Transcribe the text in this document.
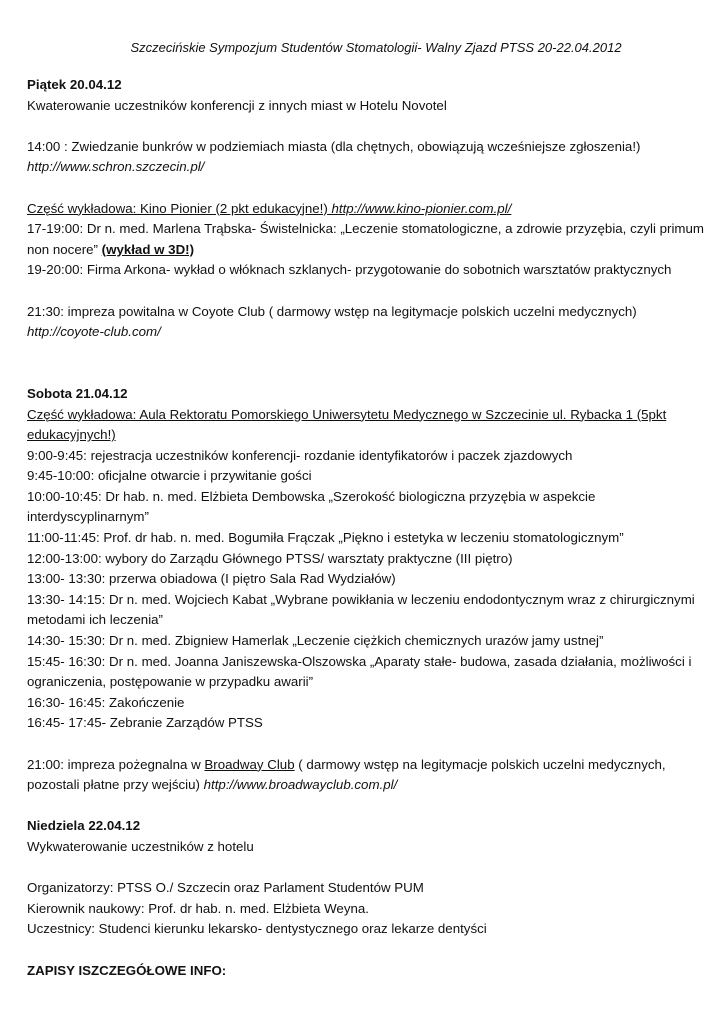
Szczecińskie Sympozjum Studentów Stomatologii- Walny Zjazd PTSS 20-22.04.2012
Piątek 20.04.12
Kwaterowanie uczestników konferencji z innych miast w Hotelu Novotel
14:00 : Zwiedzanie bunkrów w podziemiach miasta (dla chętnych, obowiązują wcześniejsze zgłoszenia!)
http://www.schron.szczecin.pl/
Część wykładowa: Kino Pionier (2 pkt edukacyjne!) http://www.kino-pionier.com.pl/
17-19:00: Dr n. med. Marlena Trąbska- Świstelnicka: „Leczenie stomatologiczne, a zdrowie przyzębia, czyli primum
non nocere” (wykład w 3D!)
19-20:00: Firma Arkona- wykład o włóknach szklanych- przygotowanie do sobotnich warsztatów praktycznych
21:30: impreza powitalna w Coyote Club ( darmowy wstęp na legitymacje polskich uczelni medycznych)
http://coyote-club.com/
Sobota 21.04.12
Część wykładowa: Aula Rektoratu Pomorskiego Uniwersytetu Medycznego w Szczecinie ul. Rybacka 1 (5pkt
edukacyjnych!)
9:00-9:45: rejestracja uczestników konferencji- rozdanie identyfikatorów i paczek zjazdowych
9:45-10:00: oficjalne otwarcie i przywitanie gości
10:00-10:45: Dr hab. n. med. Elżbieta Dembowska „Szerokość biologiczna przyzębia w aspekcie
interdyscyplinarnym”
11:00-11:45: Prof. dr hab. n. med. Bogumiła Frączak „Piękno i estetyka w leczeniu stomatologicznym”
12:00-13:00: wybory do Zarządu Głównego PTSS/ warsztaty praktyczne (III piętro)
13:00- 13:30: przerwa obiadowa (I piętro Sala Rad Wydziałów)
13:30- 14:15: Dr n. med. Wojciech Kabat „Wybrane powikłania w leczeniu endodontycznym wraz z chirurgicznymi
metodami ich leczenia”
14:30- 15:30: Dr n. med. Zbigniew Hamerlak „Leczenie ciężkich chemicznych urazów jamy ustnej”
15:45- 16:30: Dr n. med. Joanna Janiszewska-Olszowska „Aparaty stałe- budowa, zasada działania, możliwości i
ograniczenia, postępowanie w przypadku awarii”
16:30- 16:45: Zakończenie
16:45- 17:45- Zebranie Zarządów PTSS
21:00: impreza pożegnalna w Broadway Club ( darmowy wstęp na legitymacje polskich uczelni medycznych,
pozostali płatne przy wejściu) http://www.broadwayclub.com.pl/
Niedziela 22.04.12
Wykwaterowanie uczestników z hotelu
Organizatorzy: PTSS O./ Szczecin oraz Parlament Studentów PUM
Kierownik naukowy: Prof. dr hab. n. med. Elżbieta Weyna.
Uczestnicy: Studenci kierunku lekarsko- dentystycznego oraz lekarze dentyści
ZAPISY ISZCZEGÓŁOWE INFO:
